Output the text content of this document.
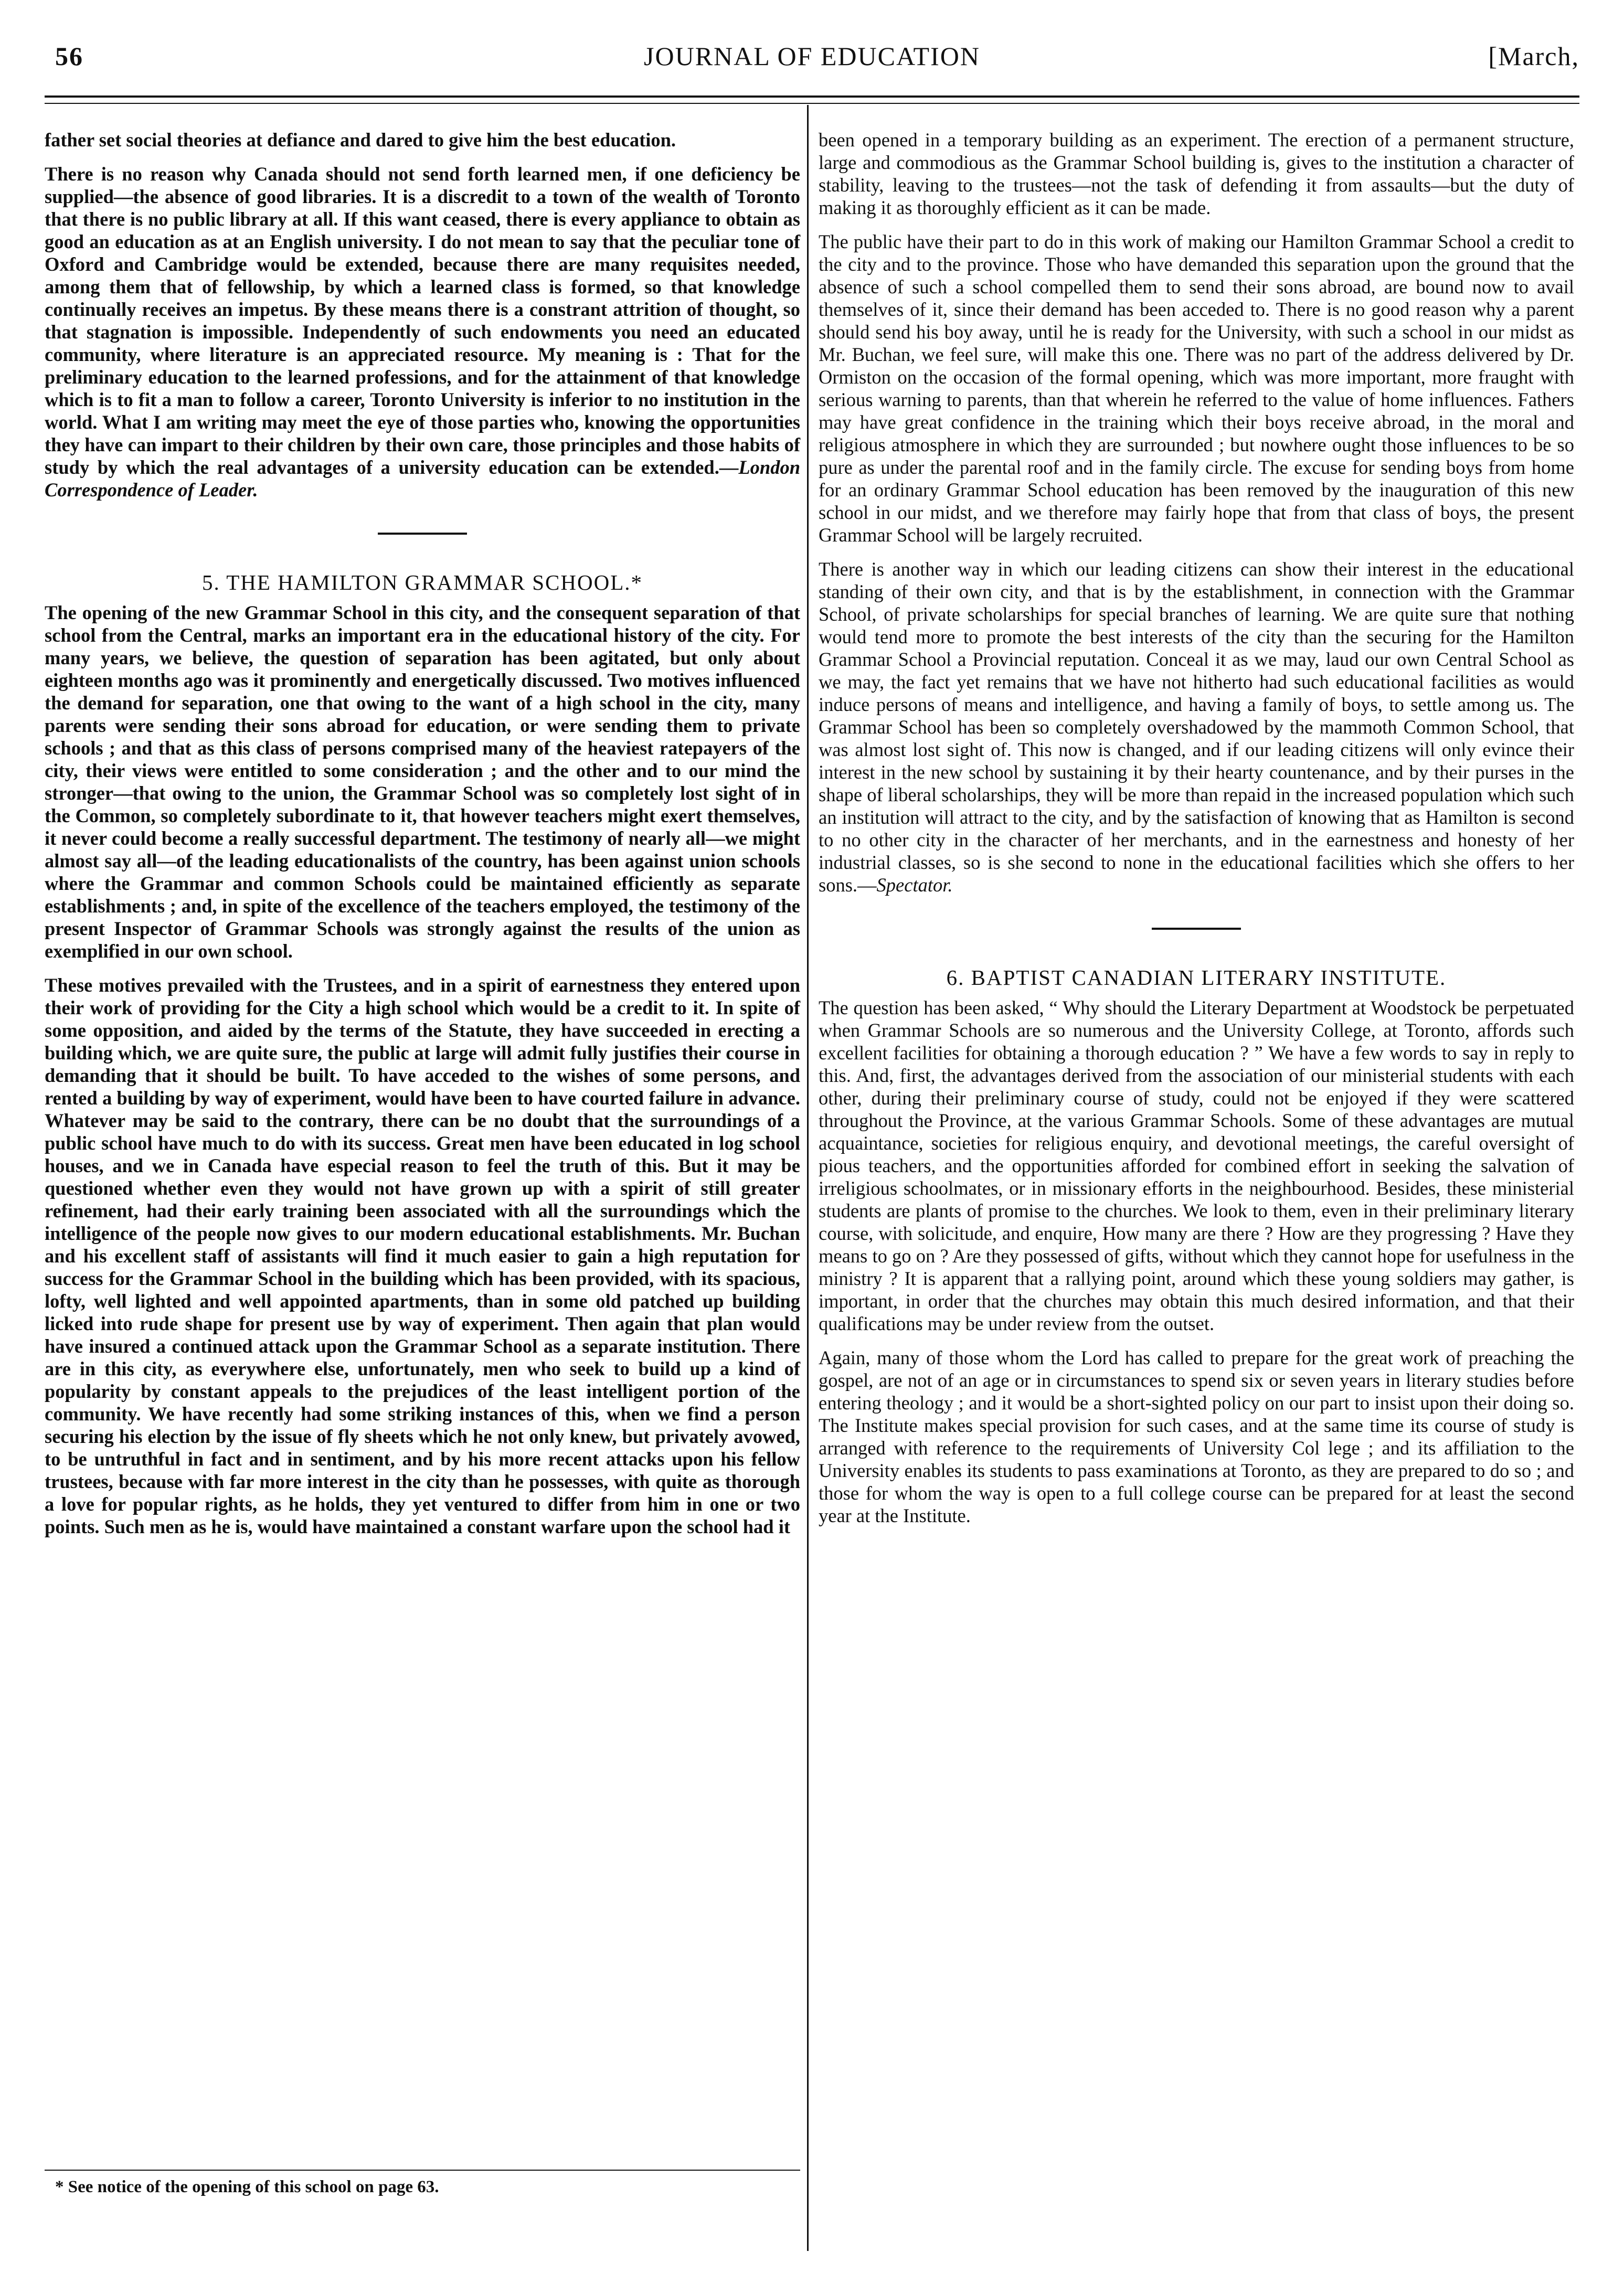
56	JOURNAL OF EDUCATION	[March,

father set social theories at defiance and dared to give him the best education.

There is no reason why Canada should not send forth learned men, if one deficiency be supplied—the absence of good libraries. It is a discredit to a town of the wealth of Toronto that there is no public library at all. If this want ceased, there is every appliance to obtain as good an education as at an English university. I do not mean to say that the peculiar tone of Oxford and Cambridge would be extended, because there are many requisites needed, among them that of fellowship, by which a learned class is formed, so that knowledge continually receives an impetus. By these means there is a constrant attrition of thought, so that stagnation is impossible. Independently of such endowments you need an educated community, where literature is an appreciated resource. My meaning is : That for the preliminary education to the learned professions, and for the attainment of that knowledge which is to fit a man to follow a career, Toronto University is inferior to no institution in the world. What I am writing may meet the eye of those parties who, knowing the opportunities they have can impart to their children by their own care, those principles and those habits of study by which the real advantages of a university education can be extended.—London Correspondence of Leader.

5. THE HAMILTON GRAMMAR SCHOOL.*

The opening of the new Grammar School in this city, and the consequent separation of that school from the Central, marks an important era in the educational history of the city. For many years, we believe, the question of separation has been agitated, but only about eighteen months ago was it prominently and energetically discussed. Two motives influenced the demand for separation, one that owing to the want of a high school in the city, many parents were sending their sons abroad for education, or were sending them to private schools ; and that as this class of persons comprised many of the heaviest ratepayers of the city, their views were entitled to some consideration ; and the other and to our mind the stronger—that owing to the union, the Grammar School was so completely lost sight of in the Common, so completely subordinate to it, that however teachers might exert themselves, it never could become a really successful department. The testimony of nearly all—we might almost say all—of the leading educationalists of the country, has been against union schools where the Grammar and common Schools could be maintained efficiently as separate establishments ; and, in spite of the excellence of the teachers employed, the testimony of the present Inspector of Grammar Schools was strongly against the results of the union as exemplified in our own school.

These motives prevailed with the Trustees, and in a spirit of earnestness they entered upon their work of providing for the City a high school which would be a credit to it. In spite of some opposition, and aided by the terms of the Statute, they have succeeded in erecting a building which, we are quite sure, the public at large will admit fully justifies their course in demanding that it should be built. To have acceded to the wishes of some persons, and rented a building by way of experiment, would have been to have courted failure in advance. Whatever may be said to the contrary, there can be no doubt that the surroundings of a public school have much to do with its success. Great men have been educated in log school houses, and we in Canada have especial reason to feel the truth of this. But it may be questioned whether even they would not have grown up with a spirit of still greater refinement, had their early training been associated with all the surroundings which the intelligence of the people now gives to our modern educational establishments. Mr. Buchan and his excellent staff of assistants will find it much easier to gain a high reputation for success for the Grammar School in the building which has been provided, with its spacious, lofty, well lighted and well appointed apartments, than in some old patched up building licked into rude shape for present use by way of experiment. Then again that plan would have insured a continued attack upon the Grammar School as a separate institution. There are in this city, as everywhere else, unfortunately, men who seek to build up a kind of popularity by constant appeals to the prejudices of the least intelligent portion of the community. We have recently had some striking instances of this, when we find a person securing his election by the issue of fly sheets which he not only knew, but privately avowed, to be untruthful in fact and in sentiment, and by his more recent attacks upon his fellow trustees, because with far more interest in the city than he possesses, with quite as thorough a love for popular rights, as he holds, they yet ventured to differ from him in one or two points. Such men as he is, would have maintained a constant warfare upon the school had it

* See notice of the opening of this school on page 63.

been opened in a temporary building as an experiment. The erection of a permanent structure, large and commodious as the Grammar School building is, gives to the institution a character of stability, leaving to the trustees—not the task of defending it from assaults—but the duty of making it as thoroughly efficient as it can be made.

The public have their part to do in this work of making our Hamilton Grammar School a credit to the city and to the province. Those who have demanded this separation upon the ground that the absence of such a school compelled them to send their sons abroad, are bound now to avail themselves of it, since their demand has been acceded to. There is no good reason why a parent should send his boy away, until he is ready for the University, with such a school in our midst as Mr. Buchan, we feel sure, will make this one. There was no part of the address delivered by Dr. Ormiston on the occasion of the formal opening, which was more important, more fraught with serious warning to parents, than that wherein he referred to the value of home influences. Fathers may have great confidence in the training which their boys receive abroad, in the moral and religious atmosphere in which they are surrounded ; but nowhere ought those influences to be so pure as under the parental roof and in the family circle. The excuse for sending boys from home for an ordinary Grammar School education has been removed by the inauguration of this new school in our midst, and we therefore may fairly hope that from that class of boys, the present Grammar School will be largely recruited.

There is another way in which our leading citizens can show their interest in the educational standing of their own city, and that is by the establishment, in connection with the Grammar School, of private scholarships for special branches of learning. We are quite sure that nothing would tend more to promote the best interests of the city than the securing for the Hamilton Grammar School a Provincial reputation. Conceal it as we may, laud our own Central School as we may, the fact yet remains that we have not hitherto had such educational facilities as would induce persons of means and intelligence, and having a family of boys, to settle among us. The Grammar School has been so completely overshadowed by the mammoth Common School, that was almost lost sight of. This now is changed, and if our leading citizens will only evince their interest in the new school by sustaining it by their hearty countenance, and by their purses in the shape of liberal scholarships, they will be more than repaid in the increased population which such an institution will attract to the city, and by the satisfaction of knowing that as Hamilton is second to no other city in the character of her merchants, and in the earnestness and honesty of her industrial classes, so is she second to none in the educational facilities which she offers to her sons.—Spectator.

6. BAPTIST CANADIAN LITERARY INSTITUTE.

The question has been asked, “ Why should the Literary Department at Woodstock be perpetuated when Grammar Schools are so numerous and the University College, at Toronto, affords such excellent facilities for obtaining a thorough education ? ” We have a few words to say in reply to this. And, first, the advantages derived from the association of our ministerial students with each other, during their preliminary course of study, could not be enjoyed if they were scattered throughout the Province, at the various Grammar Schools. Some of these advantages are mutual acquaintance, societies for religious enquiry, and devotional meetings, the careful oversight of pious teachers, and the opportunities afforded for combined effort in seeking the salvation of irreligious schoolmates, or in missionary efforts in the neighbourhood. Besides, these ministerial students are plants of promise to the churches. We look to them, even in their preliminary literary course, with solicitude, and enquire, How many are there ? How are they progressing ? Have they means to go on ? Are they possessed of gifts, without which they cannot hope for usefulness in the ministry ? It is apparent that a rallying point, around which these young soldiers may gather, is important, in order that the churches may obtain this much desired information, and that their qualifications may be under review from the outset.

Again, many of those whom the Lord has called to prepare for the great work of preaching the gospel, are not of an age or in circumstances to spend six or seven years in literary studies before entering theology ; and it would be a short-sighted policy on our part to insist upon their doing so. The Institute makes special provision for such cases, and at the same time its course of study is arranged with reference to the requirements of University Col lege ; and its affiliation to the University enables its students to pass examinations at Toronto, as they are prepared to do so ; and those for whom the way is open to a full college course can be prepared for at least the second year at the Institute.
